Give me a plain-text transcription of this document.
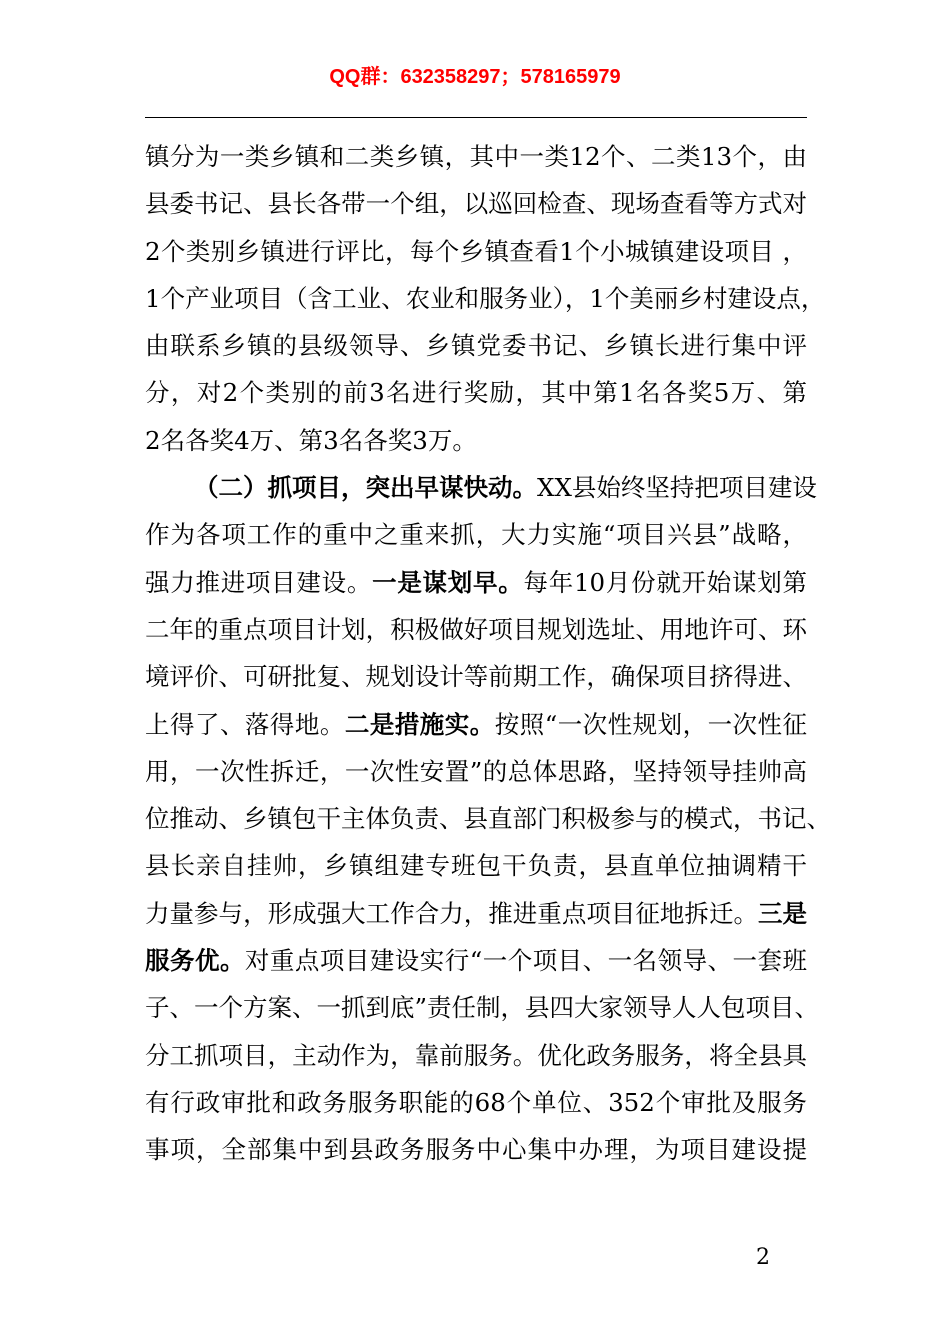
QQ群：632358297；578165979
镇分为一类乡镇和二类乡镇，其中一类12个、二类13个，由
县委书记、县长各带一个组，以巡回检查、现场查看等方式对
2个类别乡镇进行评比，每个乡镇查看1个小城镇建设项目 ，
1个产业项目（含工业、农业和服务业），1个美丽乡村建设点，
由联系乡镇的县级领导、乡镇党委书记、乡镇长进行集中评
分，对2个类别的前3名进行奖励，其中第1名各奖5万、第
2名各奖4万、第3名各奖3万。
（二）抓项目，突出早谋快动。XX县始终坚持把项目建设
作为各项工作的重中之重来抓，大力实施“项目兴县”战略，
强力推进项目建设。一是谋划早。每年10月份就开始谋划第
二年的重点项目计划，积极做好项目规划选址、用地许可、环
境评价、可研批复、规划设计等前期工作，确保项目挤得进、
上得了、落得地。二是措施实。按照“一次性规划，一次性征
用，一次性拆迁，一次性安置”的总体思路，坚持领导挂帅高
位推动、乡镇包干主体负责、县直部门积极参与的模式，书记、
县长亲自挂帅，乡镇组建专班包干负责，县直单位抽调精干
力量参与，形成强大工作合力，推进重点项目征地拆迁。三是
服务优。对重点项目建设实行“一个项目、一名领导、一套班
子、一个方案、一抓到底”责任制，县四大家领导人人包项目、
分工抓项目，主动作为，靠前服务。优化政务服务，将全县具
有行政审批和政务服务职能的68个单位、352个审批及服务
事项，全部集中到县政务服务中心集中办理，为项目建设提
2
